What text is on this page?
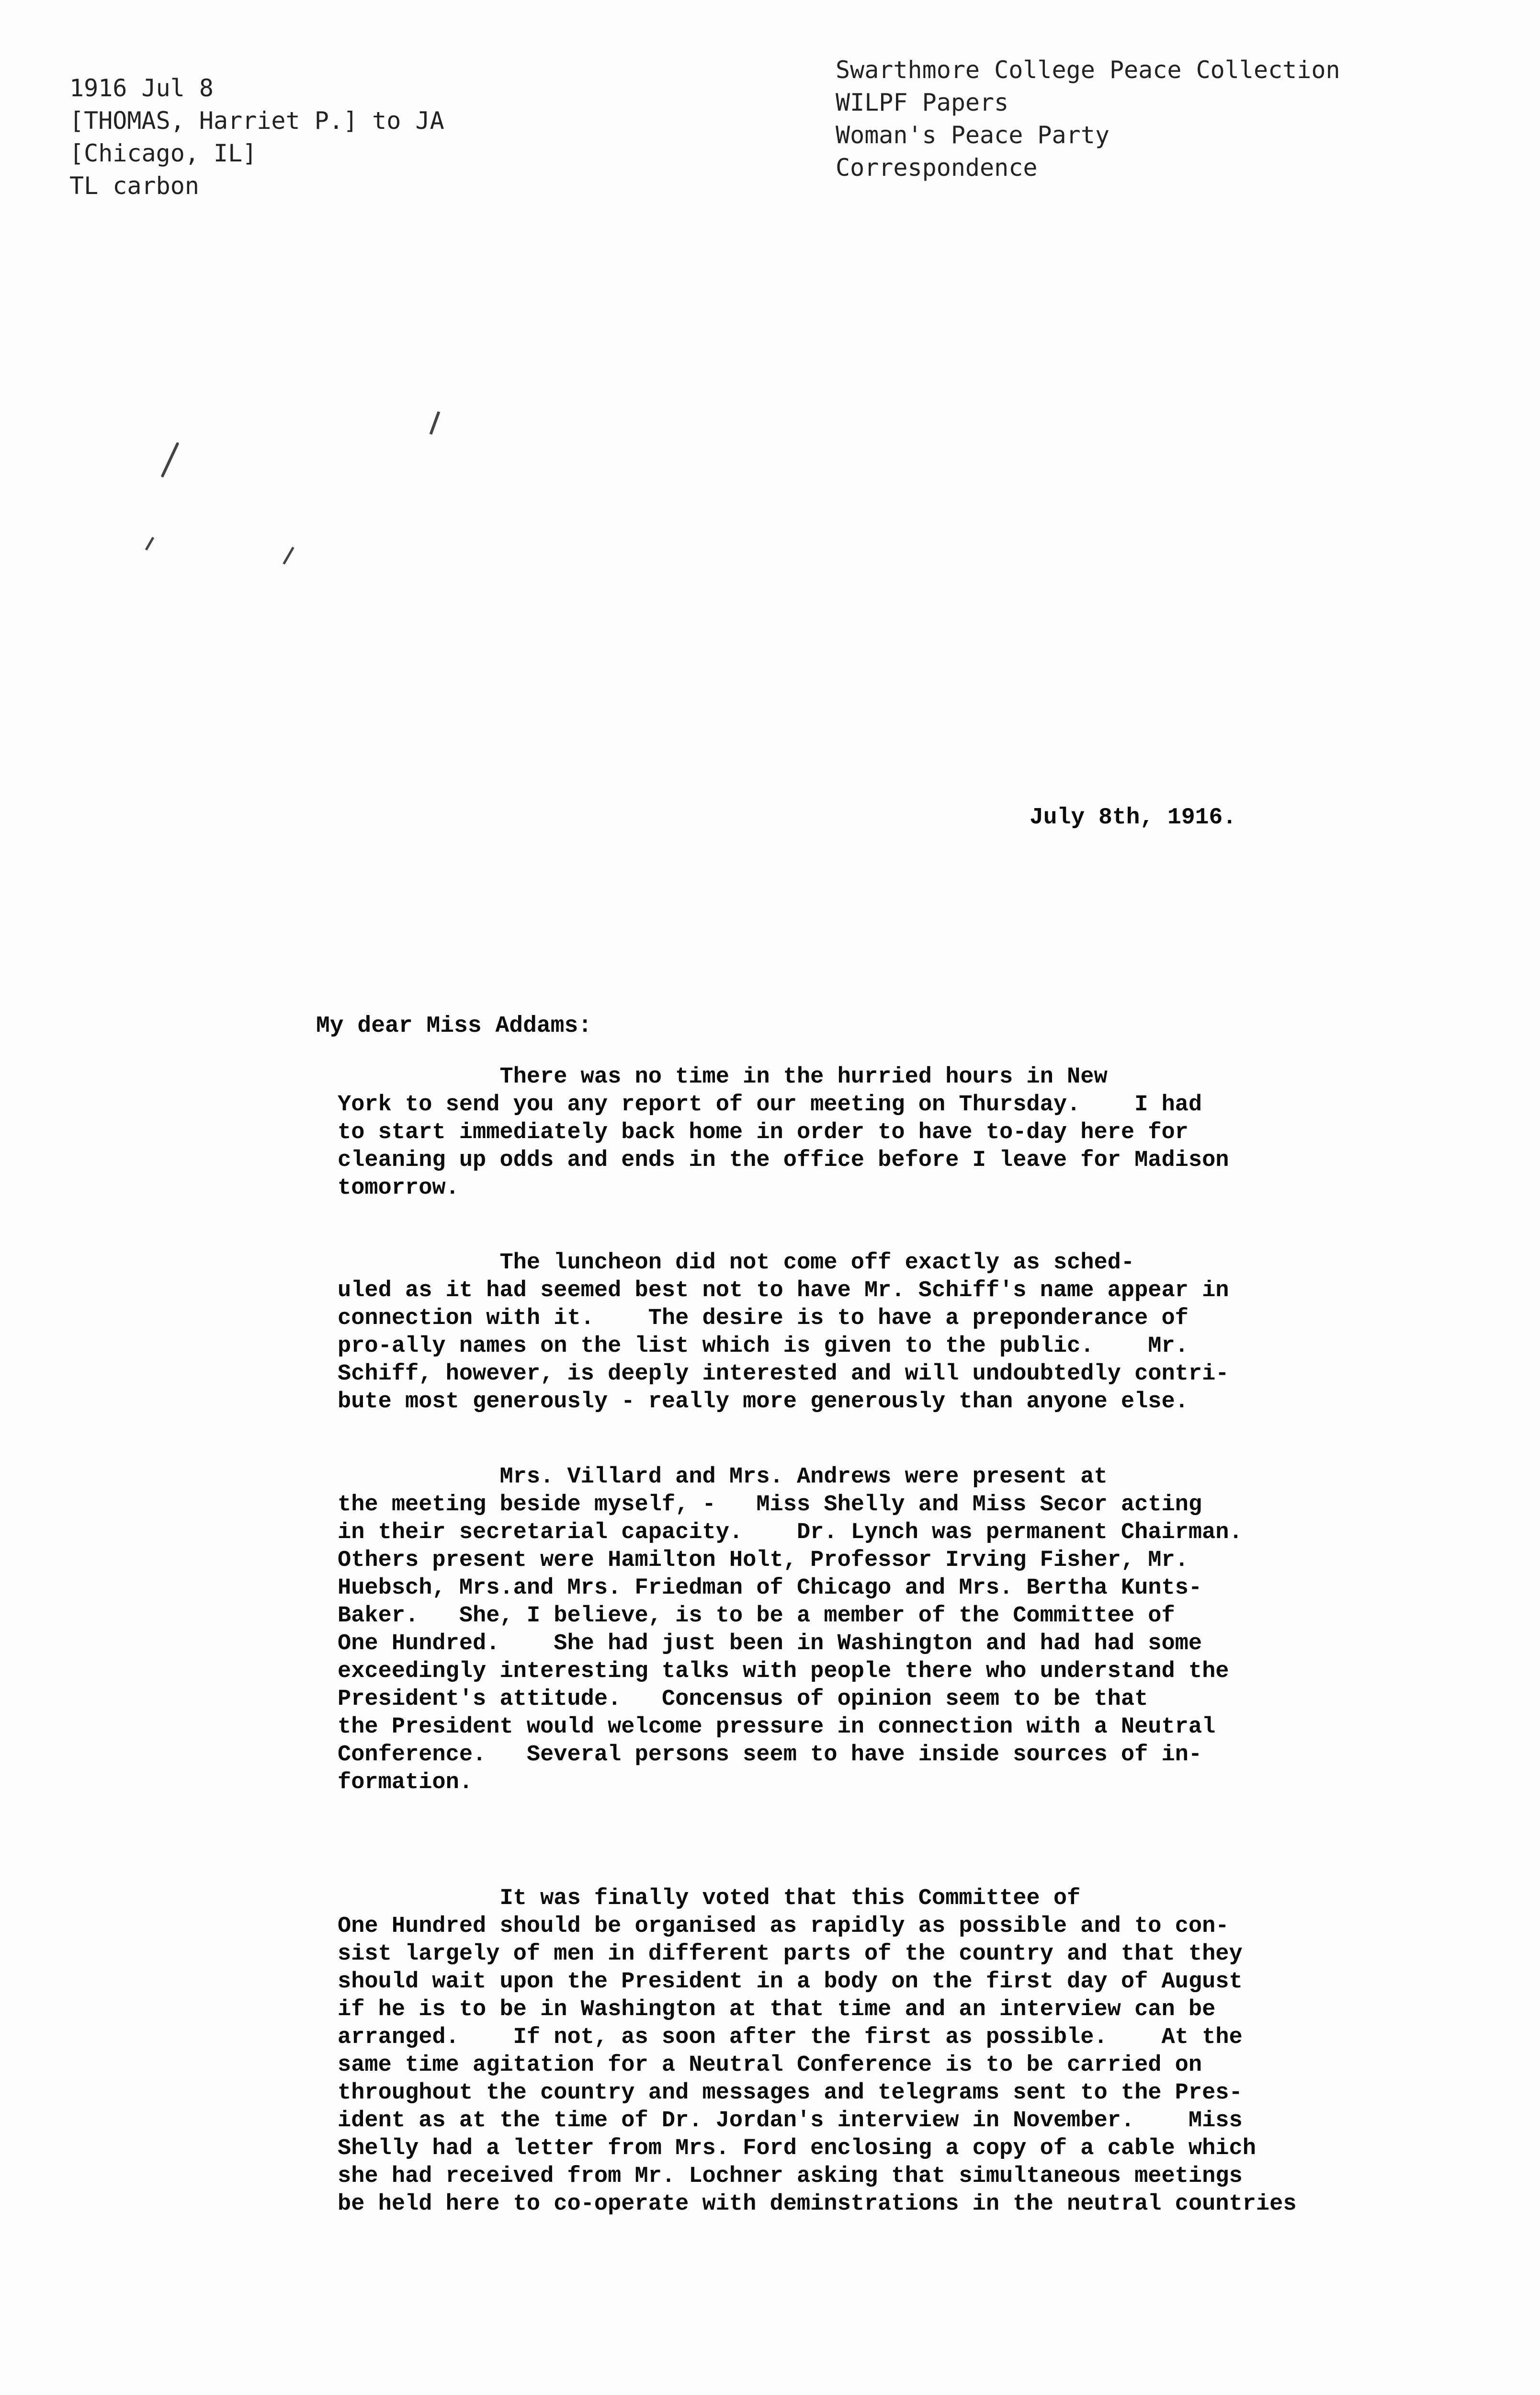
1916 Jul 8
[THOMAS, Harriet P.] to JA
[Chicago, IL]
TL carbon
Swarthmore College Peace Collection
WILPF Papers
Woman's Peace Party
Correspondence
July 8th, 1916.
My dear Miss Addams:
There was no time in the hurried hours in New
York to send you any report of our meeting on Thursday.    I had
to start immediately back home in order to have to-day here for
cleaning up odds and ends in the office before I leave for Madison
tomorrow.
The luncheon did not come off exactly as sched-
uled as it had seemed best not to have Mr. Schiff's name appear in
connection with it.    The desire is to have a preponderance of
pro-ally names on the list which is given to the public.    Mr.
Schiff, however, is deeply interested and will undoubtedly contri-
bute most generously - really more generously than anyone else.
Mrs. Villard and Mrs. Andrews were present at
the meeting beside myself, -   Miss Shelly and Miss Secor acting
in their secretarial capacity.    Dr. Lynch was permanent Chairman.
Others present were Hamilton Holt, Professor Irving Fisher, Mr.
Huebsch, Mrs.and Mrs. Friedman of Chicago and Mrs. Bertha Kunts-
Baker.   She, I believe, is to be a member of the Committee of
One Hundred.    She had just been in Washington and had had some
exceedingly interesting talks with people there who understand the
President's attitude.   Concensus of opinion seem to be that
the President would welcome pressure in connection with a Neutral
Conference.   Several persons seem to have inside sources of in-
formation.
It was finally voted that this Committee of
One Hundred should be organised as rapidly as possible and to con-
sist largely of men in different parts of the country and that they
should wait upon the President in a body on the first day of August
if he is to be in Washington at that time and an interview can be
arranged.    If not, as soon after the first as possible.    At the
same time agitation for a Neutral Conference is to be carried on
throughout the country and messages and telegrams sent to the Pres-
ident as at the time of Dr. Jordan's interview in November.    Miss
Shelly had a letter from Mrs. Ford enclosing a copy of a cable which
she had received from Mr. Lochner asking that simultaneous meetings
be held here to co-operate with deminstrations in the neutral countries
